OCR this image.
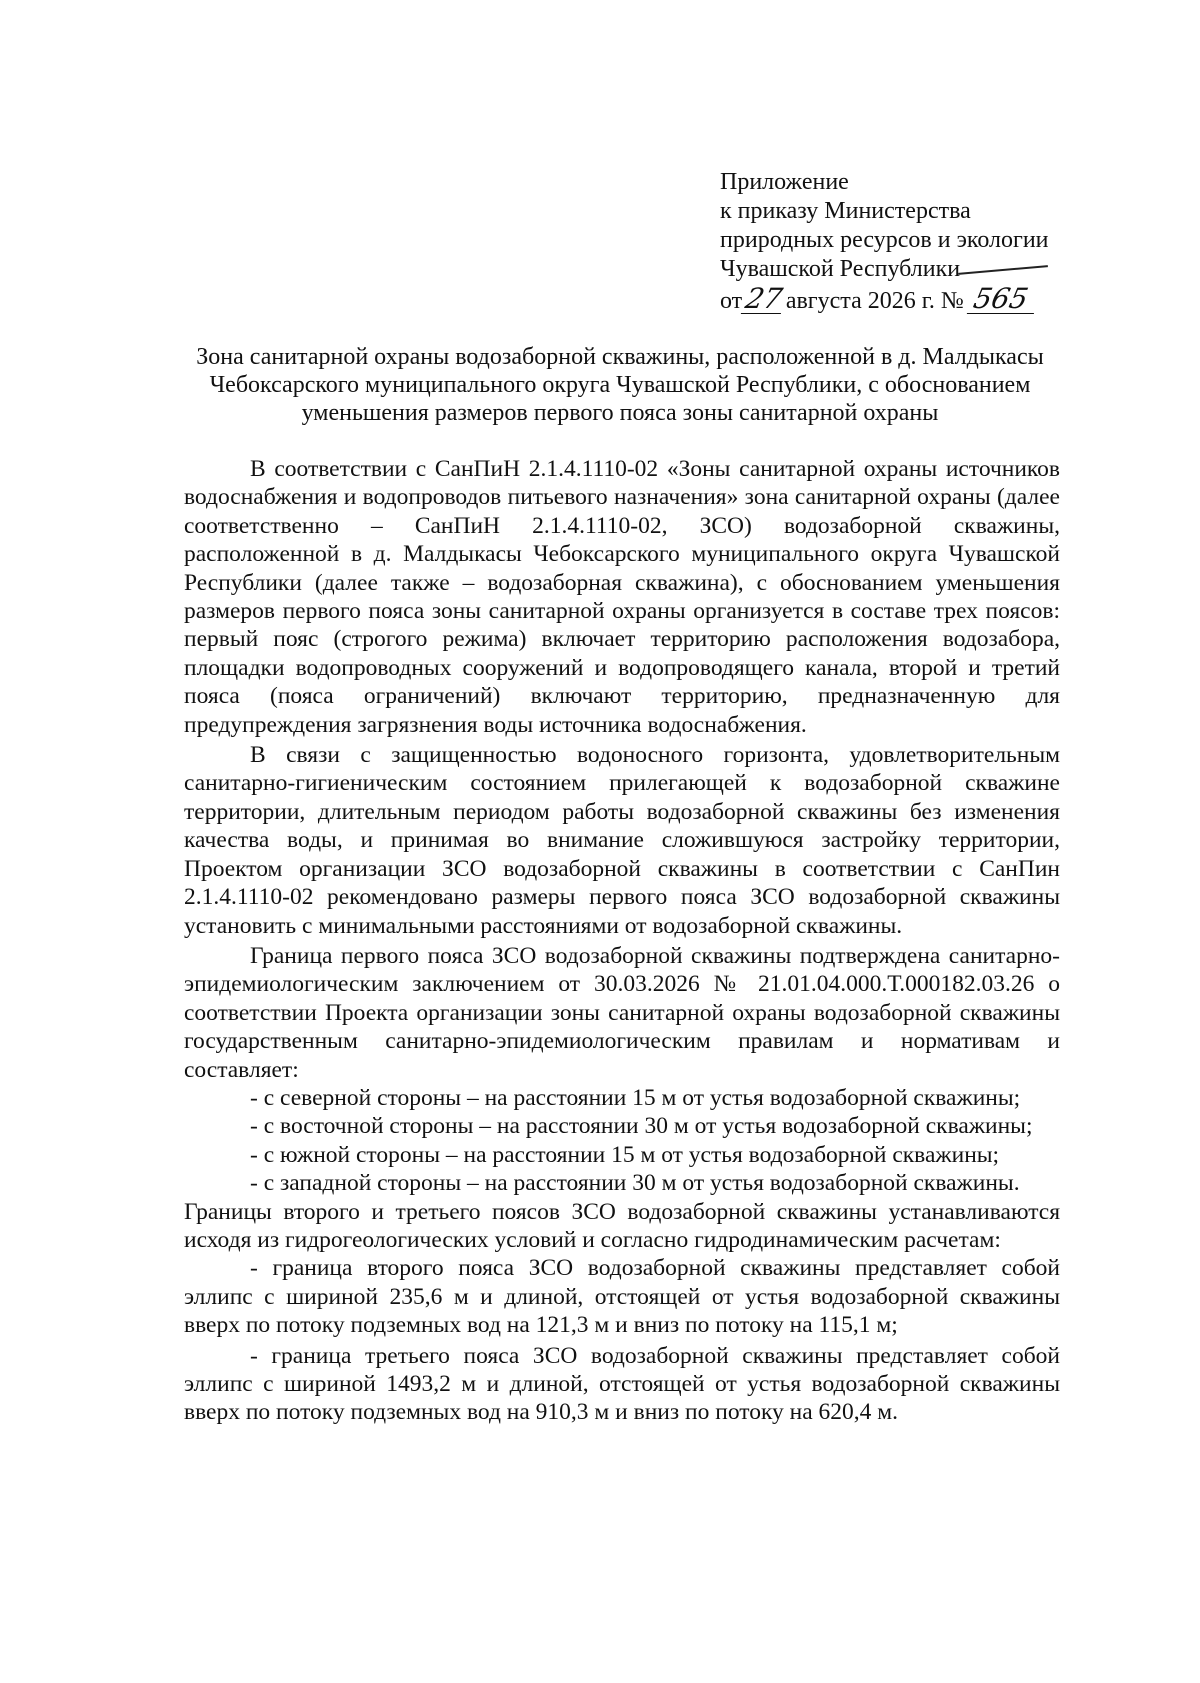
Приложение
к приказу Министерства
природных ресурсов и экологии
Чувашской Республики
от27августа 2026 г. № 565
Зона санитарной охраны водозаборной скважины, расположенной в д. Малдыкасы
Чебоксарского муниципального округа Чувашской Республики, с обоснованием
уменьшения размеров первого пояса зоны санитарной охраны

В соответствии с СанПиН 2.1.4.1110-02 «Зоны санитарной охраны источников водоснабжения и водопроводов питьевого назначения» зона санитарной охраны (далее соответственно – СанПиН 2.1.4.1110-02, ЗСО) водозаборной скважины, расположенной в д. Малдыкасы Чебоксарского муниципального округа Чувашской Республики (далее также – водозаборная скважина), с обоснованием уменьшения размеров первого пояса зоны санитарной охраны организуется в составе трех поясов: первый пояс (строгого режима) включает территорию расположения водозабора, площадки водопроводных сооружений и водопроводящего канала, второй и третий пояса (пояса ограничений) включают территорию, предназначенную для предупреждения загрязнения воды источника водоснабжения.

В связи с защищенностью водоносного горизонта, удовлетворительным санитарно-гигиеническим состоянием прилегающей к водозаборной скважине территории, длительным периодом работы водозаборной скважины без изменения качества воды, и принимая во внимание сложившуюся застройку территории, Проектом организации ЗСО водозаборной скважины в соответствии с СанПин 2.1.4.1110-02 рекомендовано размеры первого пояса ЗСО водозаборной скважины установить с минимальными расстояниями от водозаборной скважины.

Граница первого пояса ЗСО водозаборной скважины подтверждена санитарно-эпидемиологическим заключением от 30.03.2026 № 21.01.04.000.Т.000182.03.26 о соответствии Проекта организации зоны санитарной охраны водозаборной скважины государственным санитарно-эпидемиологическим правилам и нормативам и составляет:

- с северной стороны – на расстоянии 15 м от устья водозаборной скважины;

- с восточной стороны – на расстоянии 30 м от устья водозаборной скважины;

- с южной стороны – на расстоянии 15 м от устья водозаборной скважины;

- с западной стороны – на расстоянии 30 м от устья водозаборной скважины.

Границы второго и третьего поясов ЗСО водозаборной скважины устанавливаются исходя из гидрогеологических условий и согласно гидродинамическим расчетам:

- граница второго пояса ЗСО водозаборной скважины представляет собой эллипс с шириной 235,6 м и длиной, отстоящей от устья водозаборной скважины вверх по потоку подземных вод на 121,3 м и вниз по потоку на 115,1 м;

- граница третьего пояса ЗСО водозаборной скважины представляет собой эллипс с шириной 1493,2 м и длиной, отстоящей от устья водозаборной скважины вверх по потоку подземных вод на 910,3 м и вниз по потоку на 620,4 м.
